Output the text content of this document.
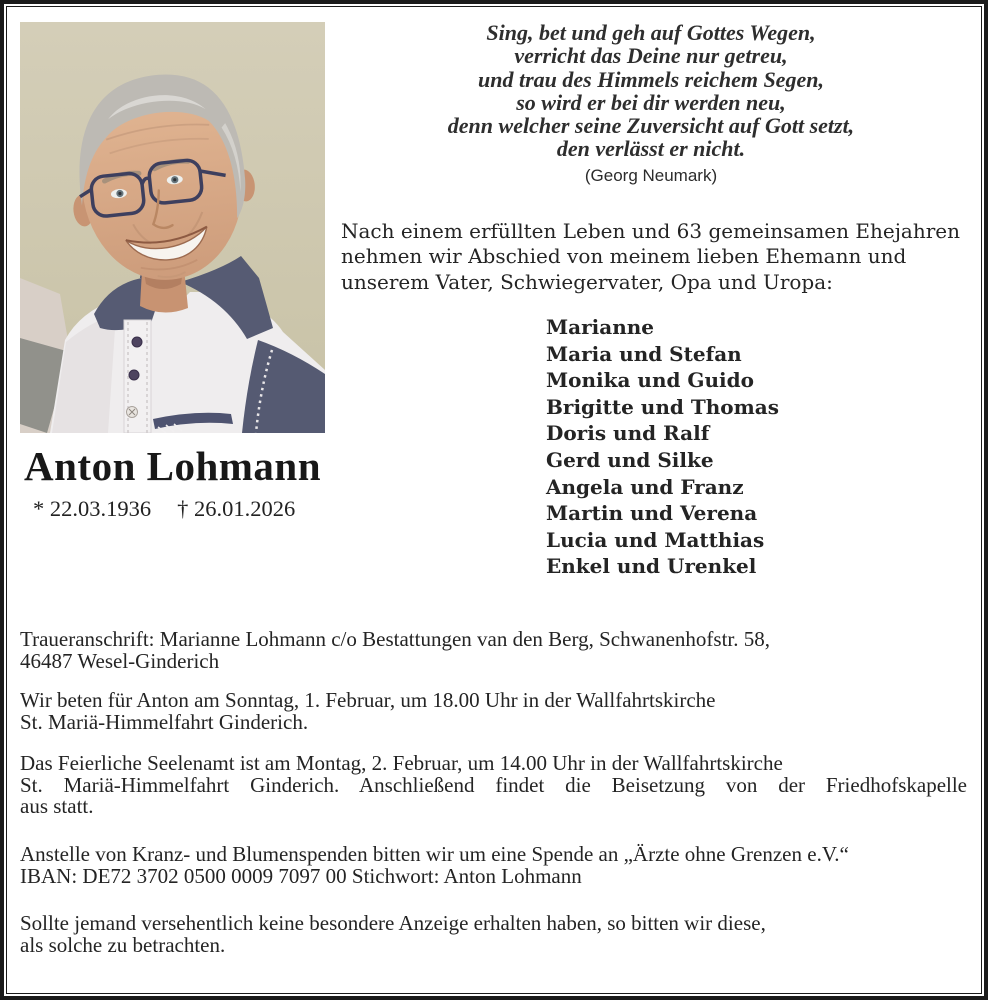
Sing, bet und geh auf Gottes Wegen,
verricht das Deine nur getreu,
und trau des Himmels reichem Segen,
so wird er bei dir werden neu,
denn welcher seine Zuversicht auf Gott setzt,
den verlässt er nicht.
(Georg Neumark)
Nach einem erfüllten Leben und 63 gemeinsamen Ehejahren
nehmen wir Abschied von meinem lieben Ehemann und
unserem Vater, Schwiegervater, Opa und Uropa:
Marianne
Maria und Stefan
Monika und Guido
Brigitte und Thomas
Doris und Ralf
Gerd und Silke
Angela und Franz
Martin und Verena
Lucia und Matthias
Enkel und Urenkel
Anton Lohmann
* 22.03.1936 † 26.01.2026
Traueranschrift: Marianne Lohmann c/o Bestattungen van den Berg, Schwanenhofstr. 58,
46487 Wesel-Ginderich
Wir beten für Anton am Sonntag, 1. Februar, um 18.00 Uhr in der Wallfahrtskirche
St. Mariä-Himmelfahrt Ginderich.
Das Feierliche Seelenamt ist am Montag, 2. Februar, um 14.00 Uhr in der Wallfahrtskirche
St. Mariä-Himmelfahrt Ginderich. Anschließend findet die Beisetzung von der Friedhofskapelle
aus statt.
Anstelle von Kranz- und Blumenspenden bitten wir um eine Spende an „Ärzte ohne Grenzen e.V.“
IBAN: DE72 3702 0500 0009 7097 00 Stichwort: Anton Lohmann
Sollte jemand versehentlich keine besondere Anzeige erhalten haben, so bitten wir diese,
als solche zu betrachten.
